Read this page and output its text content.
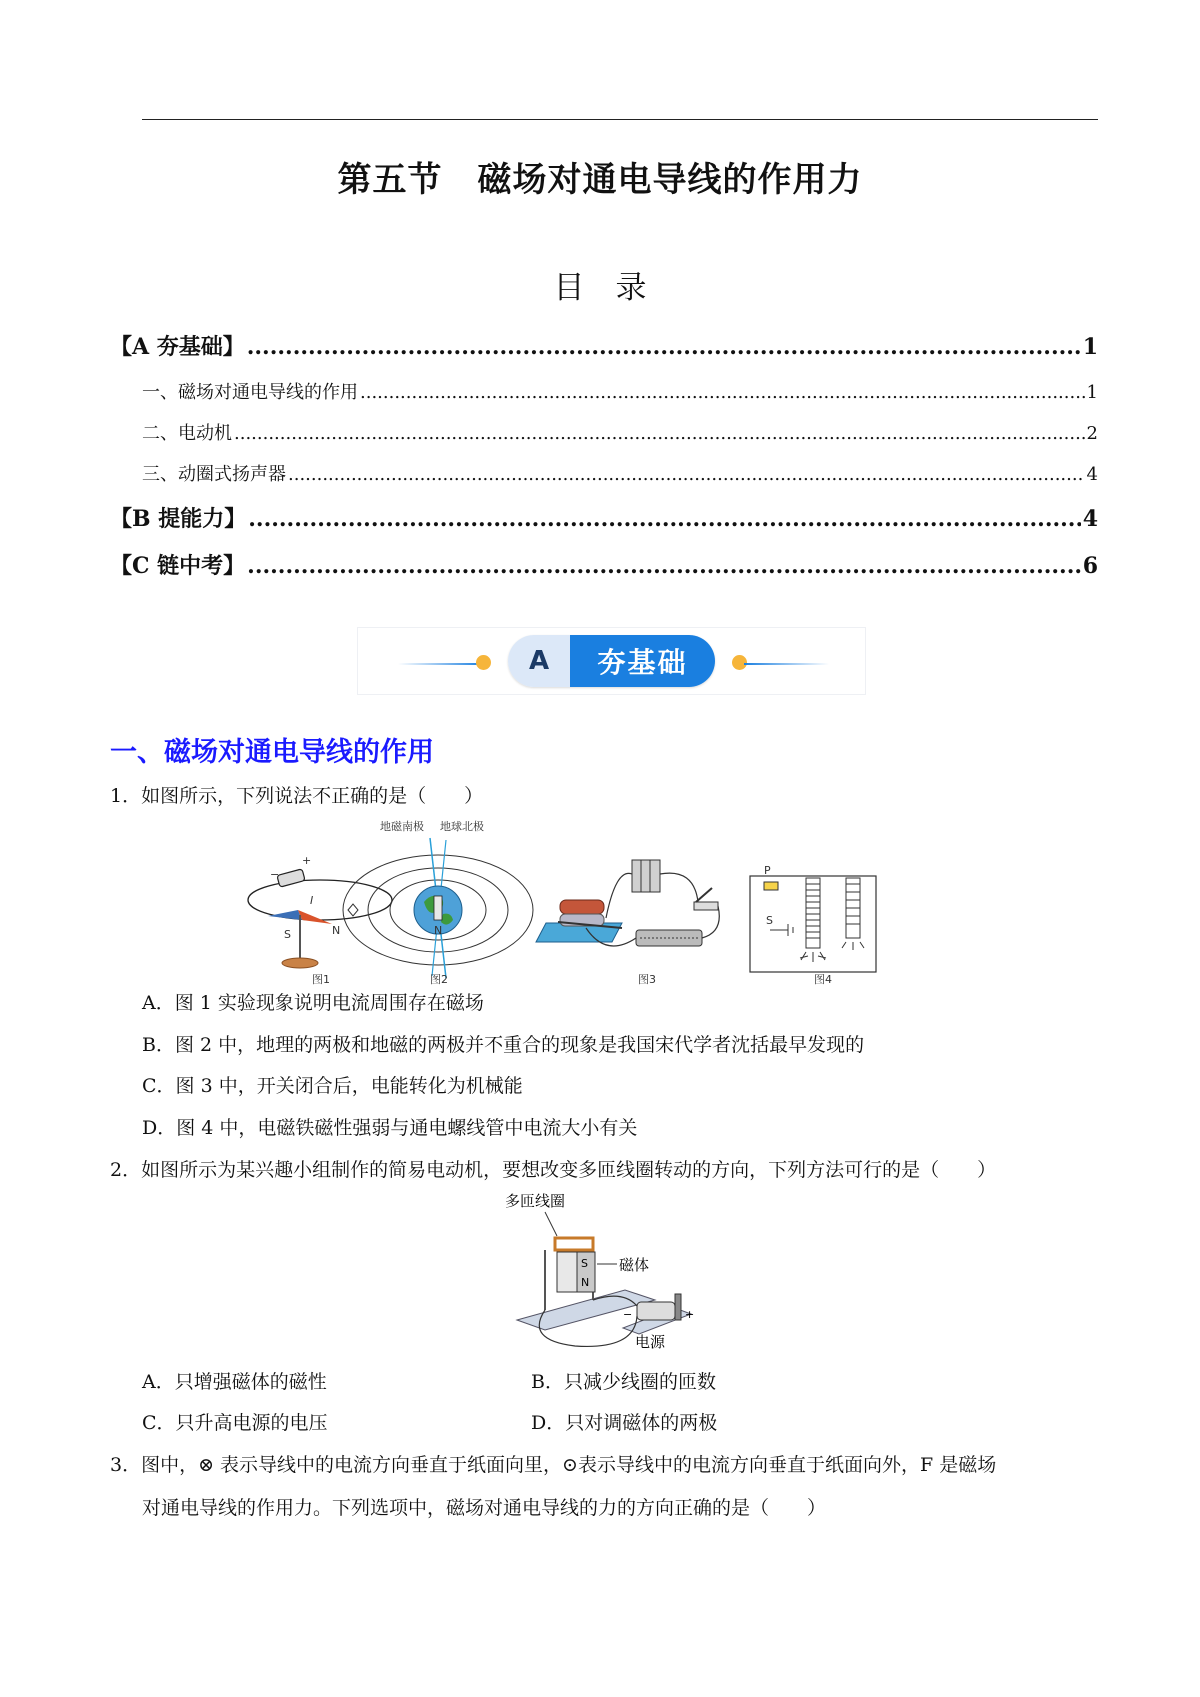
第五节　磁场对通电导线的作用力
目　录
【A 夯基础】 .....	1
一、磁场对通电导线的作用 .....	1
二、电动机 .....	2
三、动圈式扬声器 .....	4
【B 提能力】 .....	4
【C 链中考】 .....	6
A	夯基础
一、磁场对通电导线的作用
1．如图所示，下列说法不正确的是（　　）
−
+
I
S	N
图1
地磁南极 地球北极
N
图2	图3
P
S
图4
A．图 1 实验现象说明电流周围存在磁场
B．图 2 中，地理的两极和地磁的两极并不重合的现象是我国宋代学者沈括最早发现的
C．图 3 中，开关闭合后，电能转化为机械能
D．图 4 中，电磁铁磁性强弱与通电螺线管中电流大小有关
2．如图所示为某兴趣小组制作的简易电动机，要想改变多匝线圈转动的方向，下列方法可行的是（　　）
多匝线圈
S
N
磁体
−	+
电源
A．只增强磁体的磁性	B．只减少线圈的匝数
C．只升高电源的电压	D．只对调磁体的两极
3．图中，⊗ 表示导线中的电流方向垂直于纸面向里，⊙表示导线中的电流方向垂直于纸面向外，F 是磁场
对通电导线的作用力。下列选项中，磁场对通电导线的力的方向正确的是（　　）
